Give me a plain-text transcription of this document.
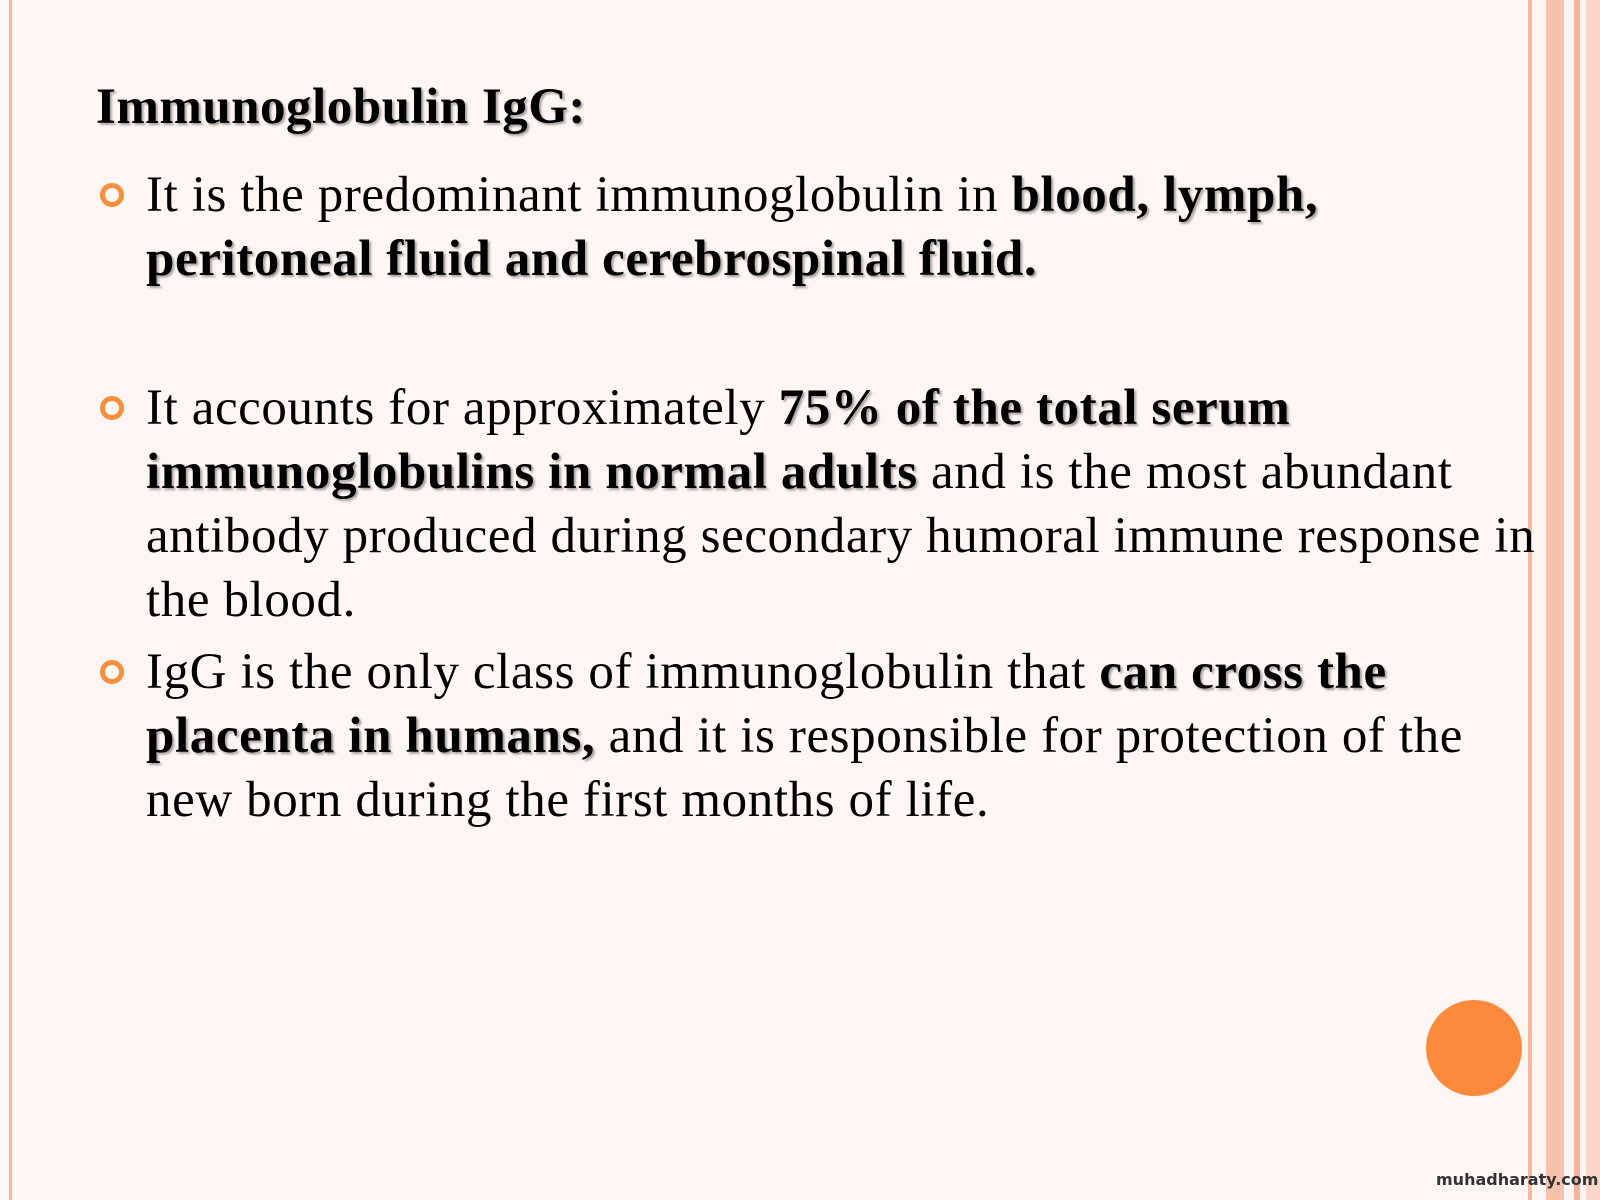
Immunoglobulin IgG:
It is the predominant immunoglobulin in blood, lymph, peritoneal fluid and cerebrospinal fluid.
It accounts for approximately 75% of the total serum immunoglobulins in normal adults and is the most abundant antibody produced during secondary humoral immune response in the blood.
IgG is the only class of immunoglobulin that can cross the placenta in humans, and it is responsible for protection of the new born during the first months of life.
muhadharaty.com
